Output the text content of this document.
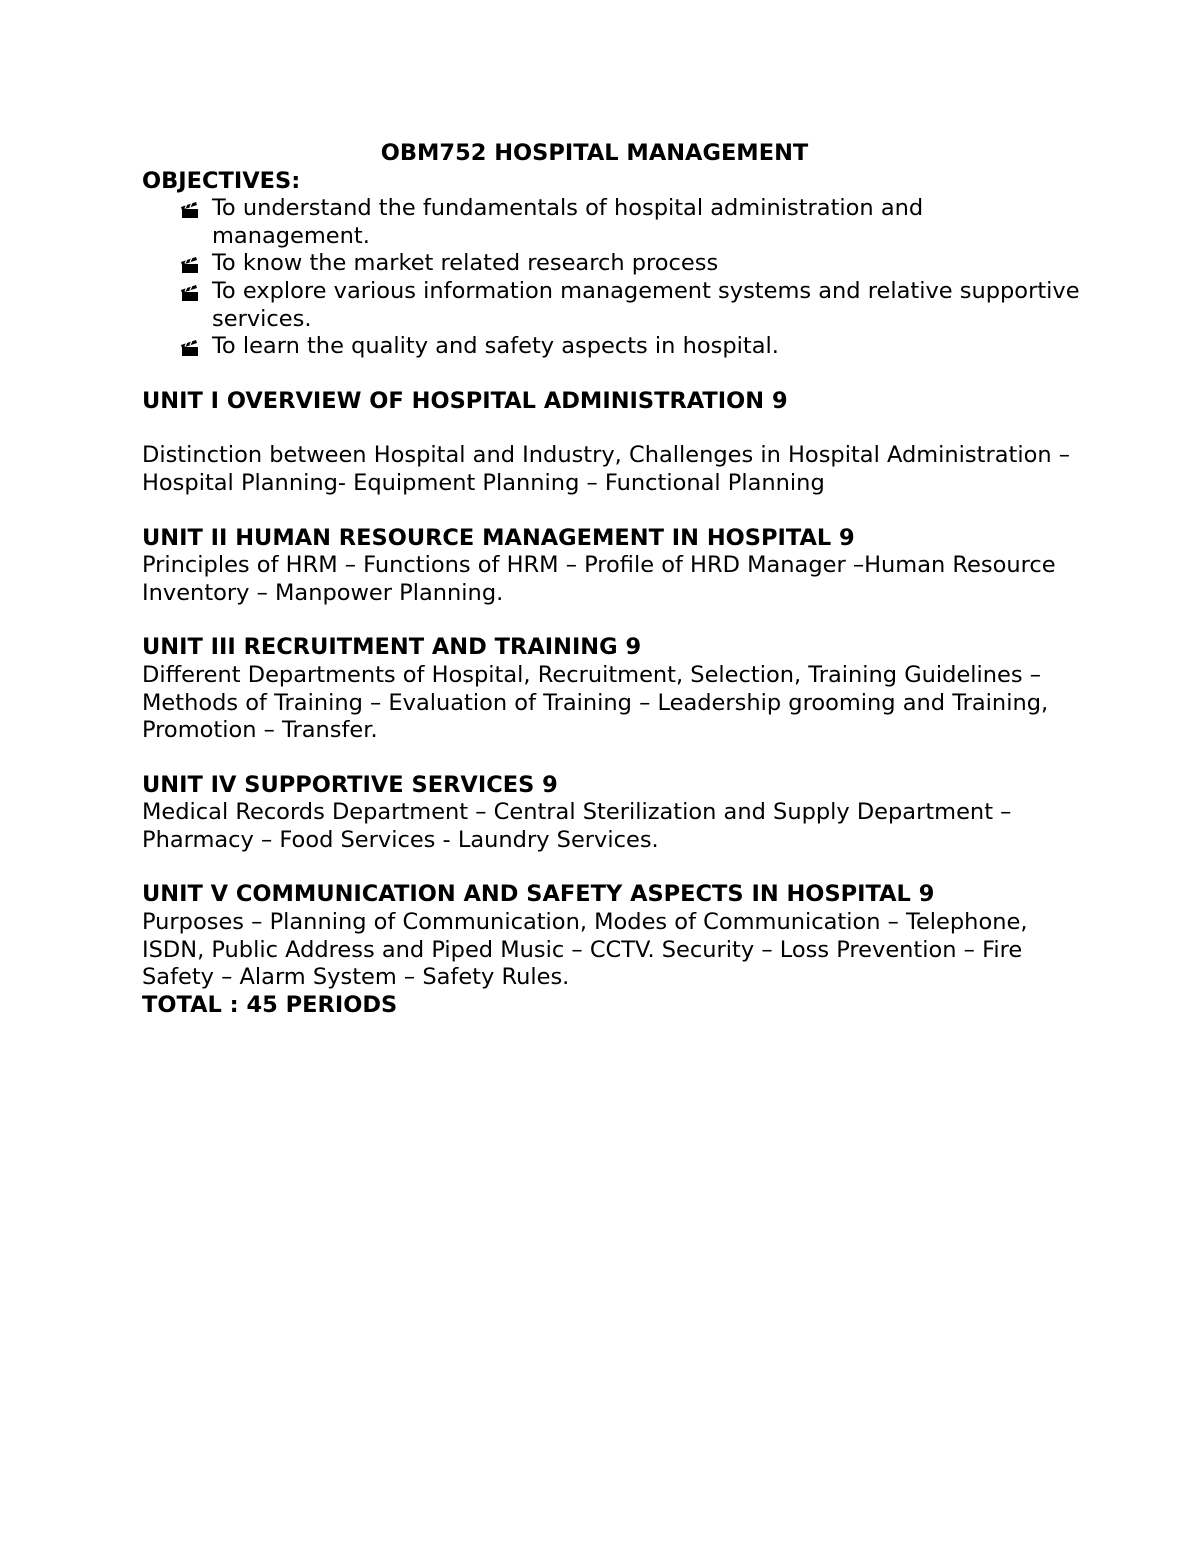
OBM752 HOSPITAL MANAGEMENT

OBJECTIVES:

To understand the fundamentals of hospital administration and management.
To know the market related research process
To explore various information management systems and relative supportive services.
To learn the quality and safety aspects in hospital.

UNIT I OVERVIEW OF HOSPITAL ADMINISTRATION 9

Distinction between Hospital and Industry, Challenges in Hospital Administration – Hospital Planning- Equipment Planning – Functional Planning

UNIT II HUMAN RESOURCE MANAGEMENT IN HOSPITAL 9

Principles of HRM – Functions of HRM – Profile of HRD Manager –Human Resource Inventory – Manpower Planning.

UNIT III RECRUITMENT AND TRAINING 9

Different Departments of Hospital, Recruitment, Selection, Training Guidelines – Methods of Training – Evaluation of Training – Leadership grooming and Training, Promotion – Transfer.

UNIT IV SUPPORTIVE SERVICES 9

Medical Records Department – Central Sterilization and Supply Department – Pharmacy – Food Services - Laundry Services.

UNIT V COMMUNICATION AND SAFETY ASPECTS IN HOSPITAL 9

Purposes – Planning of Communication, Modes of Communication – Telephone, ISDN, Public Address and Piped Music – CCTV. Security – Loss Prevention – Fire Safety – Alarm System – Safety Rules.

TOTAL : 45 PERIODS
